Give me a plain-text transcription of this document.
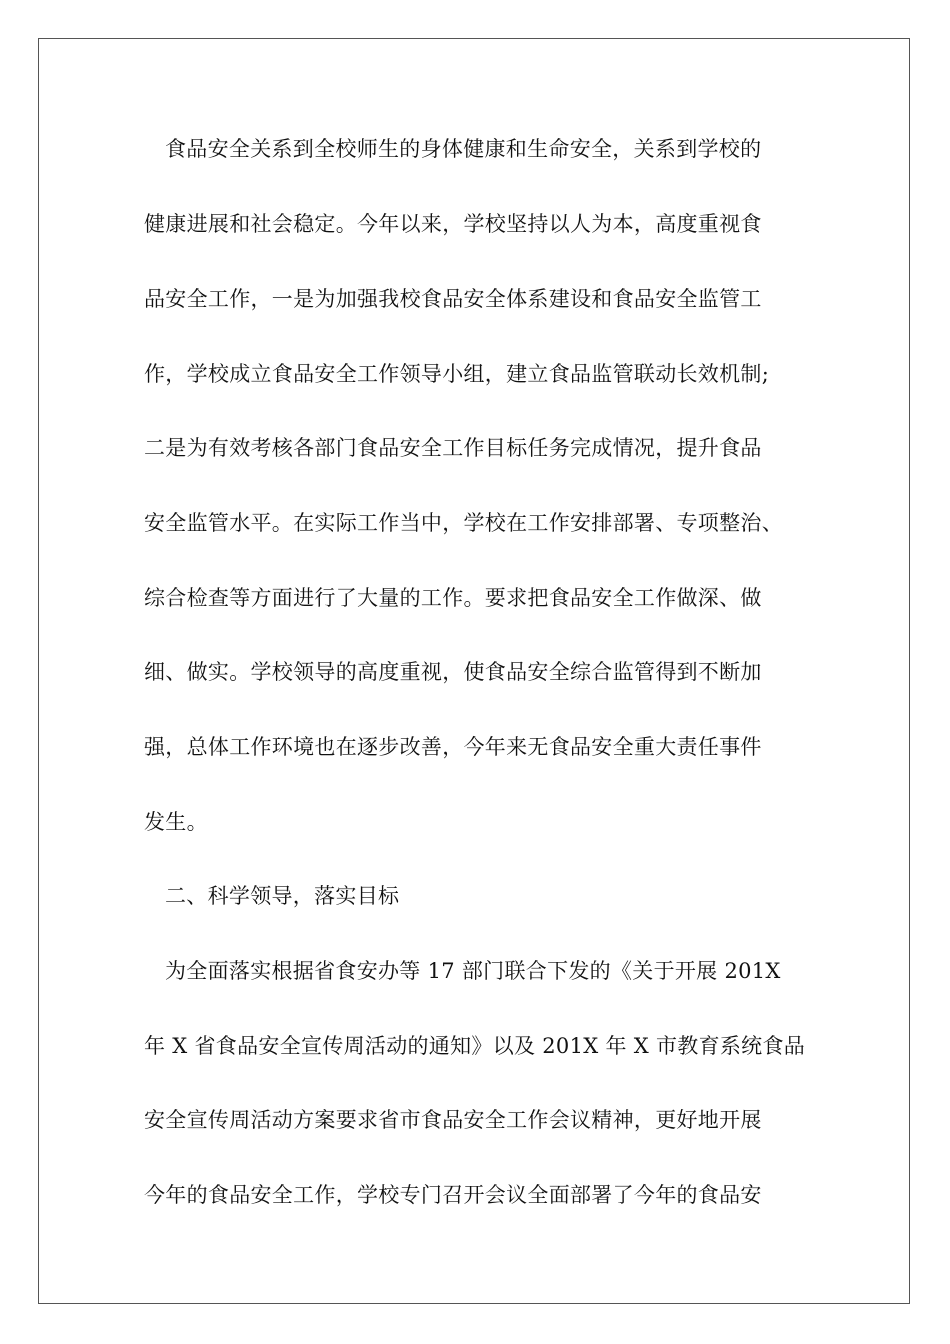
食品安全关系到全校师生的身体健康和生命安全，关系到学校的
健康进展和社会稳定。今年以来，学校坚持以人为本，高度重视食
品安全工作，一是为加强我校食品安全体系建设和食品安全监管工
作，学校成立食品安全工作领导小组，建立食品监管联动长效机制;
二是为有效考核各部门食品安全工作目标任务完成情况，提升食品
安全监管水平。在实际工作当中，学校在工作安排部署、专项整治、
综合检查等方面进行了大量的工作。要求把食品安全工作做深、做
细、做实。学校领导的高度重视，使食品安全综合监管得到不断加
强，总体工作环境也在逐步改善，今年来无食品安全重大责任事件
发生。
二、科学领导，落实目标
为全面落实根据省食安办等 17 部门联合下发的《关于开展 201X
年 X 省食品安全宣传周活动的通知》以及 201X 年 X 市教育系统食品
安全宣传周活动方案要求省市食品安全工作会议精神，更好地开展
今年的食品安全工作，学校专门召开会议全面部署了今年的食品安
